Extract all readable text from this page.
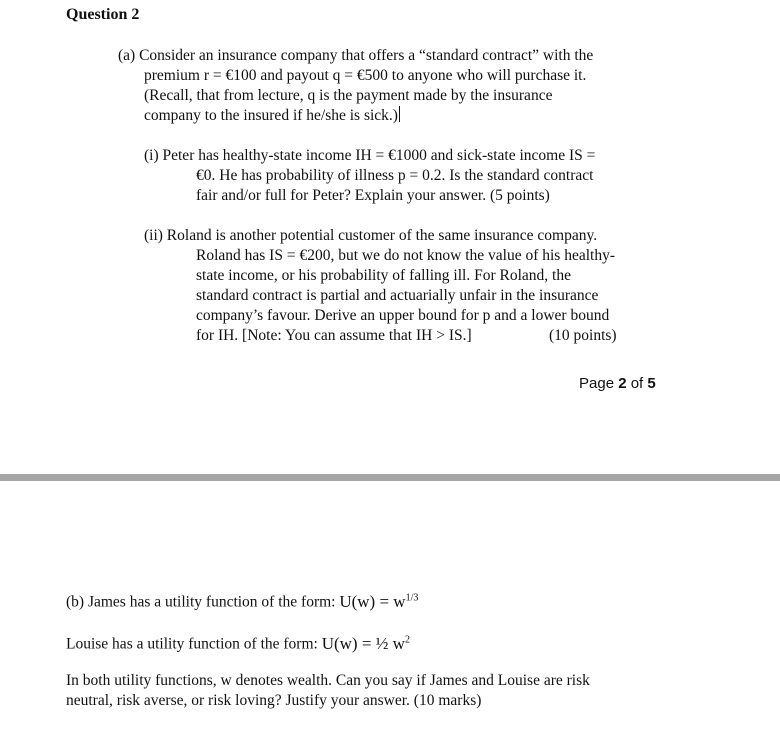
Question 2
(a) Consider an insurance company that offers a “standard contract” with the
premium r = €100 and payout q = €500 to anyone who will purchase it.
(Recall, that from lecture, q is the payment made by the insurance
company to the insured if he/she is sick.)
(i) Peter has healthy-state income IH = €1000 and sick-state income IS =
€0. He has probability of illness p = 0.2. Is the standard contract
fair and/or full for Peter? Explain your answer. (5 points)
(ii) Roland is another potential customer of the same insurance company.
Roland has IS = €200, but we do not know the value of his healthy-
state income, or his probability of falling ill. For Roland, the
standard contract is partial and actuarially unfair in the insurance
company’s favour. Derive an upper bound for p and a lower bound
for IH. [Note: You can assume that IH > IS.]	(10 points)
Page 2 of 5
(b) James has a utility function of the form: $U(w) = w^{1/3}$
Louise has a utility function of the form: U(w) = ½ $w^2$
In both utility functions, w denotes wealth. Can you say if James and Louise are risk
neutral, risk averse, or risk loving? Justify your answer. (10 marks)
